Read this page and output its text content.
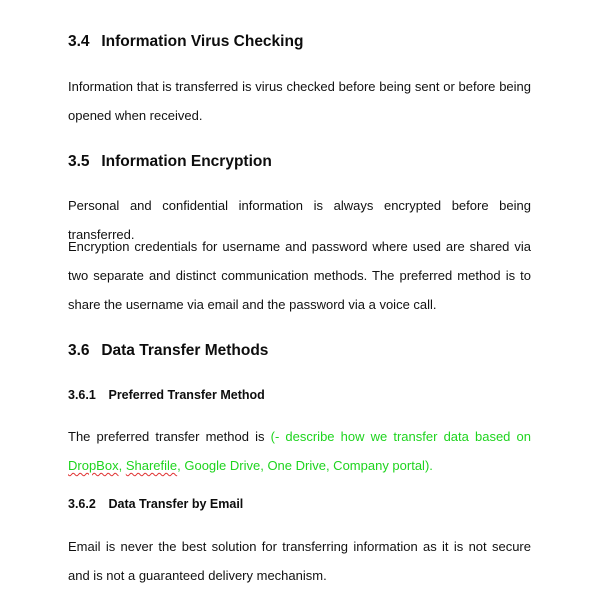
3.4 Information Virus Checking

Information that is transferred is virus checked before being sent or before being opened when received.

3.5 Information Encryption

Personal and confidential information is always encrypted before being transferred.

Encryption credentials for username and password where used are shared via two separate and distinct communication methods. The preferred method is to share the username via email and the password via a voice call.

3.6 Data Transfer Methods
3.6.1 Preferred Transfer Method

The preferred transfer method is (- describe how we transfer data based on DropBox, Sharefile, Google Drive, One Drive, Company portal).

3.6.2 Data Transfer by Email

Email is never the best solution for transferring information as it is not secure and is not a guaranteed delivery mechanism.
